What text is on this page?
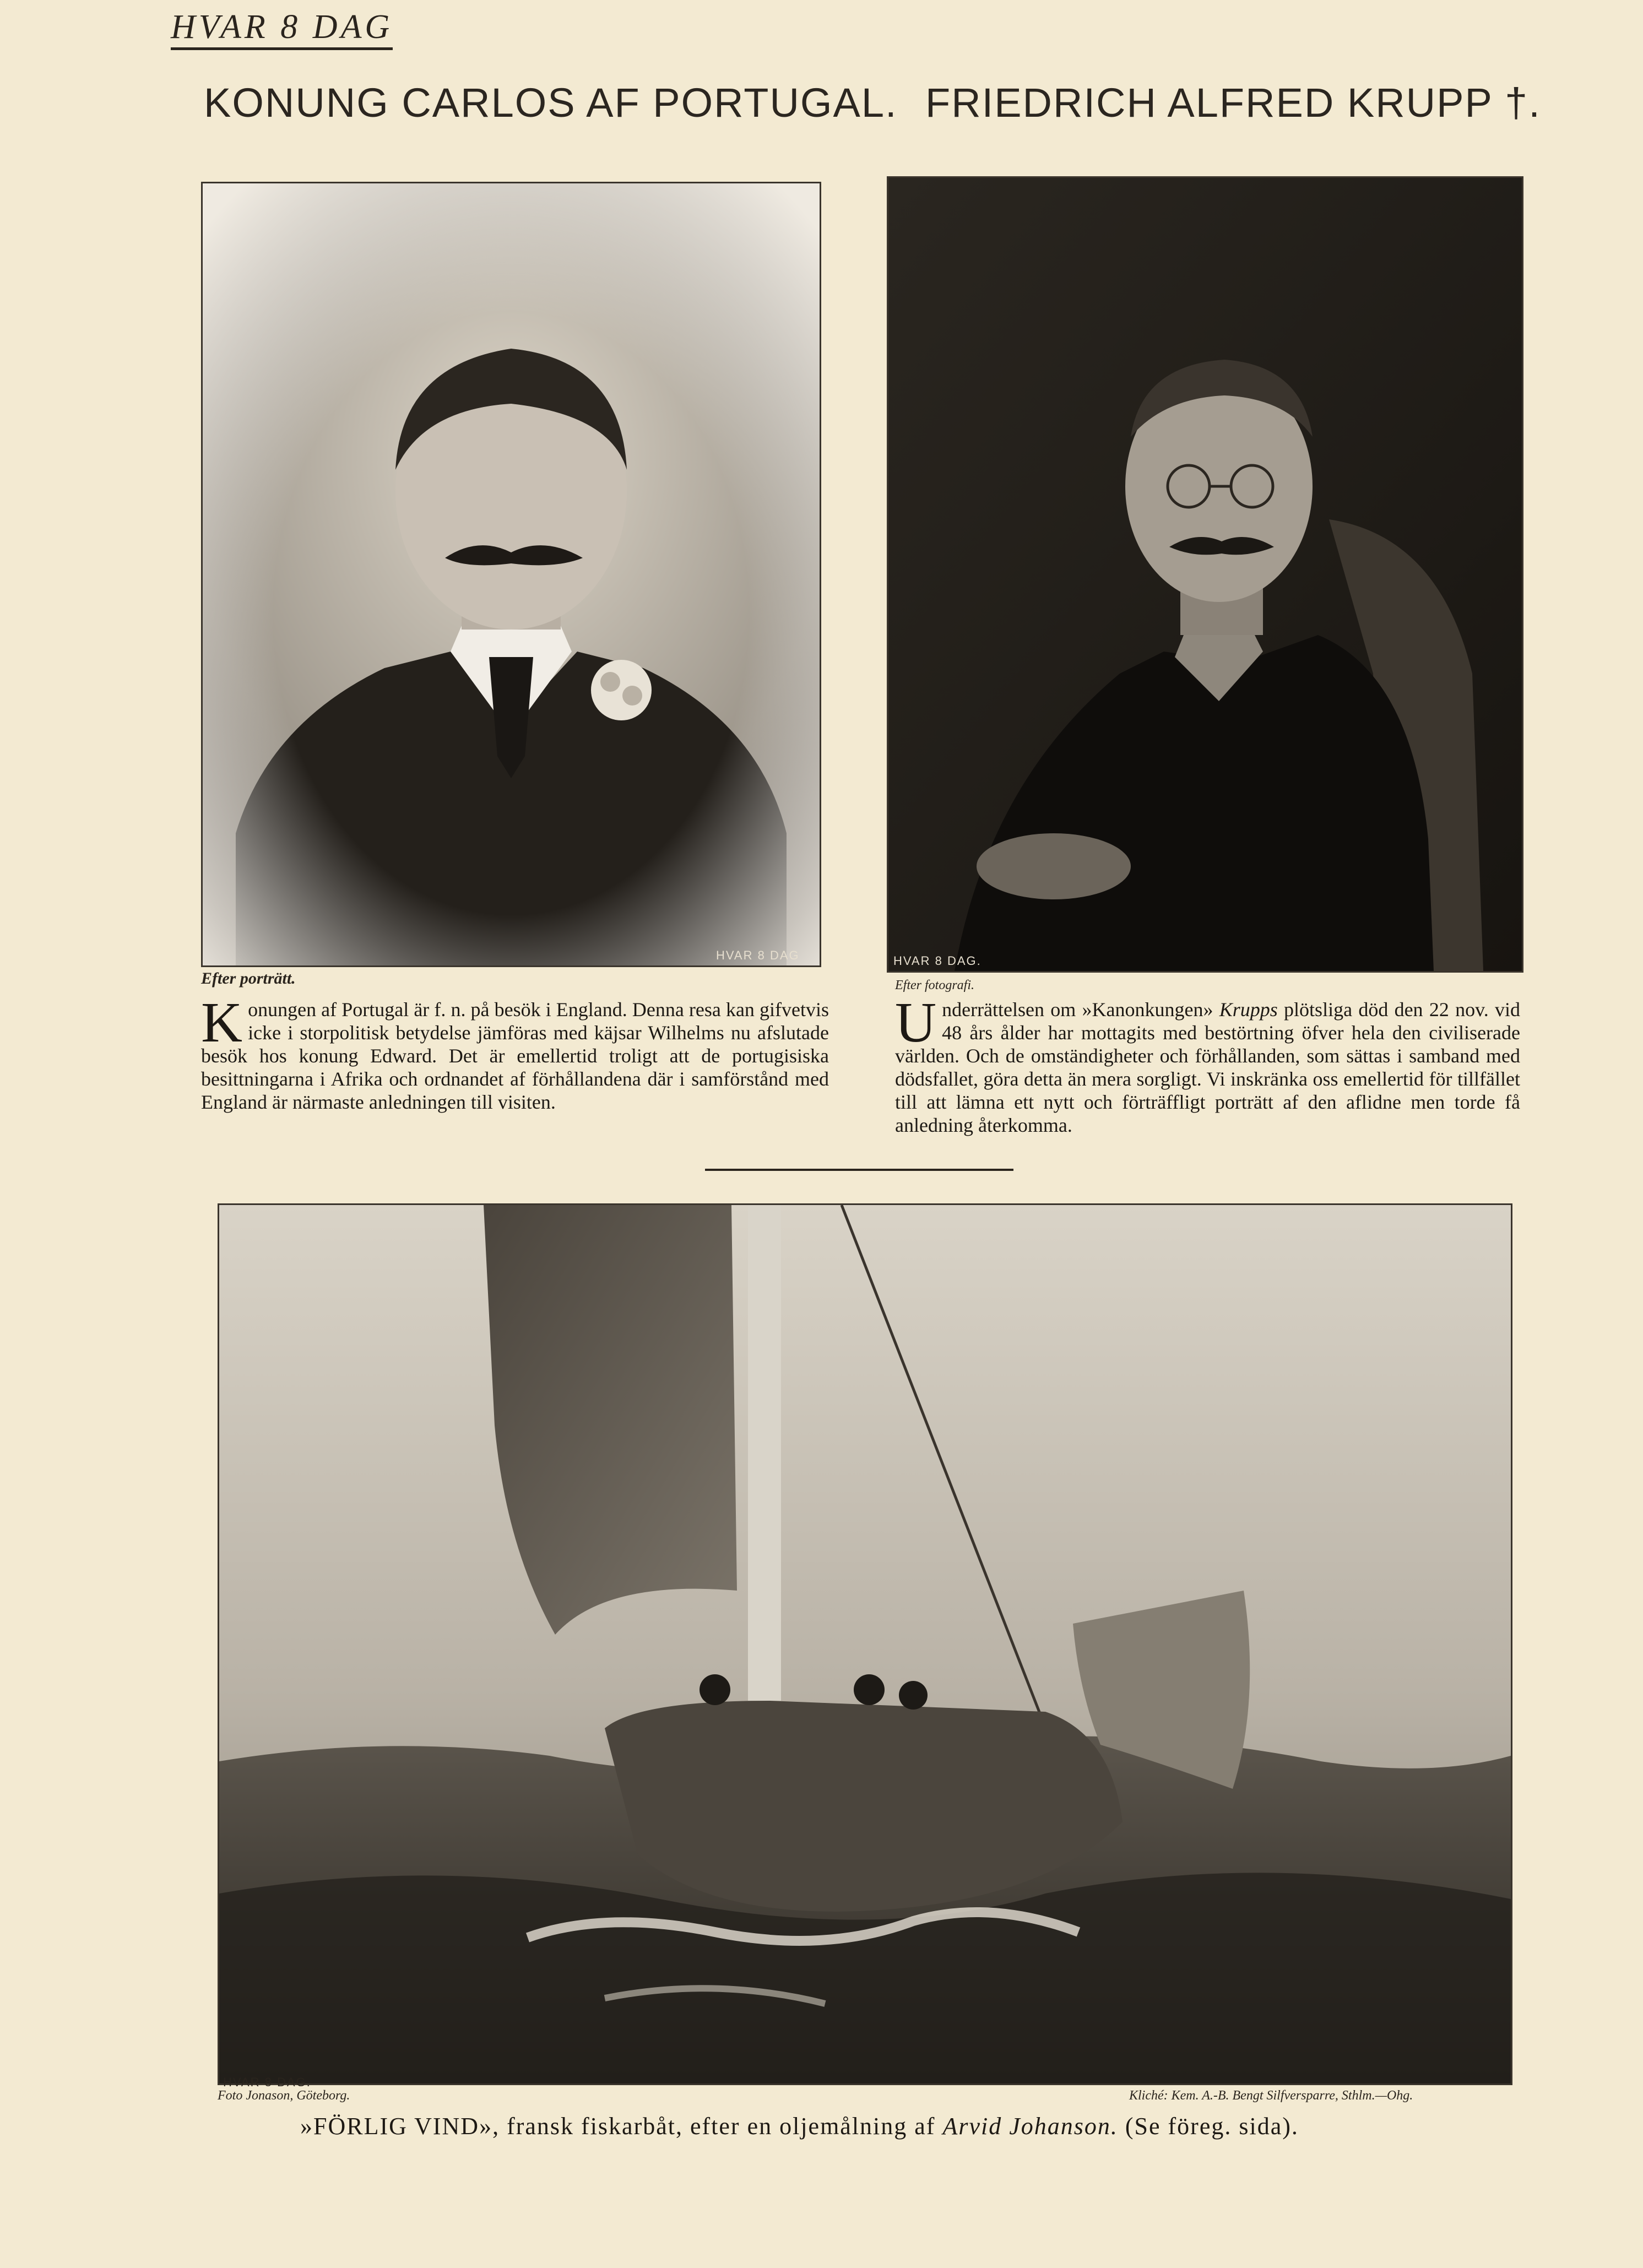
HVAR 8 DAG
KONUNG CARLOS AF PORTUGAL. FRIEDRICH ALFRED KRUPP †.
HVAR 8 DAG
Efter porträtt.
HVAR 8 DAG.
Efter fotografi.
Konungen af Portugal är f. n. på besök i England. Denna resa kan gifvetvis icke i storpolitisk betydelse jämföras med käjsar Wilhelms nu afslutade besök hos konung Edward. Det är emellertid troligt att de portugisiska besittningarna i Afrika och ordnandet af förhållandena där i samförstånd med England är närmaste anledningen till visiten.
Underrättelsen om »Kanonkungen» Krupps plötsliga död den 22 nov. vid 48 års ålder har mottagits med bestörtning öfver hela den civiliserade världen. Och de omständigheter och förhållanden, som sättas i samband med dödsfallet, göra detta än mera sorgligt. Vi inskränka oss emellertid för tillfället till att lämna ett nytt och förträffligt porträtt af den aflidne men torde få anledning återkomma.
HVAR 8 DAG.
Foto Jonason, Göteborg.	Kliché: Kem. A.-B. Bengt Silfversparre, Sthlm.—Ohg.
»FÖRLIG VIND», fransk fiskarbåt, efter en oljemålning af Arvid Johanson. (Se föreg. sida).
